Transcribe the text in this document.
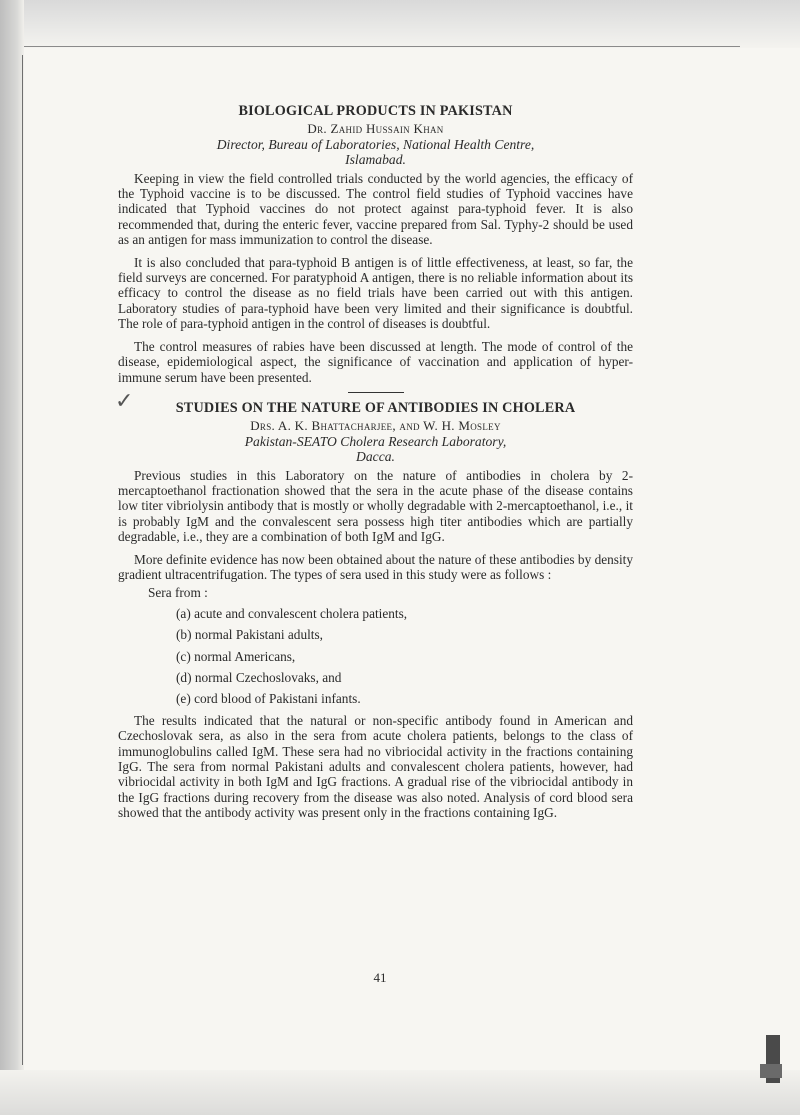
BIOLOGICAL PRODUCTS IN PAKISTAN

Dr. Zahid Hussain Khan

Director, Bureau of Laboratories, National Health Centre,
Islamabad.

Keeping in view the field controlled trials conducted by the world agencies, the efficacy of the Typhoid vaccine is to be discussed. The control field studies of Typhoid vaccines have indicated that Typhoid vaccines do not protect against para-typhoid fever. It is also recommended that, during the enteric fever, vaccine prepared from Sal. Typhy-2 should be used as an antigen for mass immunization to control the disease.

It is also concluded that para-typhoid B antigen is of little effectiveness, at least, so far, the field surveys are concerned. For paratyphoid A antigen, there is no reliable information about its efficacy to control the disease as no field trials have been carried out with this antigen. Laboratory studies of para-typhoid have been very limited and their significance is doubtful. The role of para-typhoid antigen in the control of diseases is doubtful.

The control measures of rabies have been discussed at length. The mode of control of the disease, epidemiological aspect, the significance of vaccination and application of hyper-immune serum have been presented.

✓	STUDIES ON THE NATURE OF ANTIBODIES IN CHOLERA

Drs. A. K. Bhattacharjee, and W. H. Mosley

Pakistan-SEATO Cholera Research Laboratory,
Dacca.

Previous studies in this Laboratory on the nature of antibodies in cholera by 2-mercaptoethanol fractionation showed that the sera in the acute phase of the disease contains low titer vibriolysin antibody that is mostly or wholly degradable with 2-mercaptoethanol, i.e., it is probably IgM and the convalescent sera possess high titer antibodies which are partially degradable, i.e., they are a combination of both IgM and IgG.

More definite evidence has now been obtained about the nature of these antibodies by density gradient ultracentrifugation. The types of sera used in this study were as follows :

Sera from :

(a) acute and convalescent cholera patients,
(b) normal Pakistani adults,
(c) normal Americans,
(d) normal Czechoslovaks, and
(e) cord blood of Pakistani infants.

The results indicated that the natural or non-specific antibody found in American and Czechoslovak sera, as also in the sera from acute cholera patients, belongs to the class of immunoglobulins called IgM. These sera had no vibriocidal activity in the fractions containing IgG. The sera from normal Pakistani adults and convalescent cholera patients, however, had vibriocidal activity in both IgM and IgG fractions. A gradual rise of the vibriocidal antibody in the IgG fractions during recovery from the disease was also noted. Analysis of cord blood sera showed that the antibody activity was present only in the fractions containing IgG.

41
